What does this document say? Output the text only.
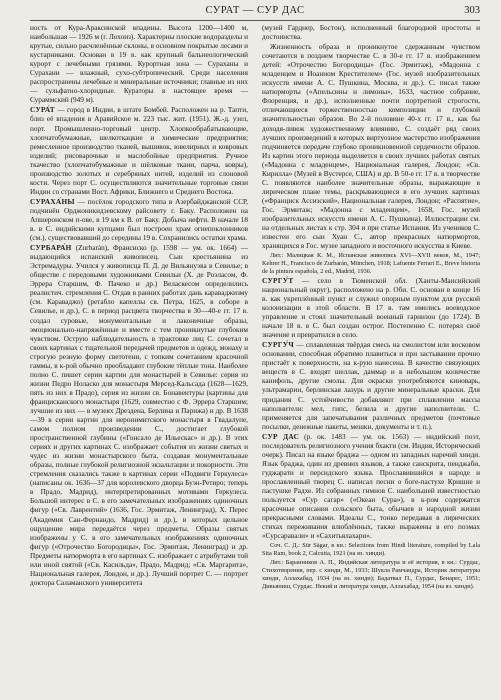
СУРАТ — СУР ДАС	303

ность от Кура-Араксинской впадины. Высота 1200—1400 м, наибольшая — 1926 м (г. Лохоиз). Характерны плоские водоразделы и крутые, сильно расчленённые склоны, в основном покрытые лесами и кустарниками. Основан в 19 в. как крупный бальнеологический курорт с лечебными грязями. Курортная зона — Сураханы и Сурахани — влажный, сухо-субтропический. Среди населения распространены лечебные и минеральные источники; главные из них — сульфатно-хлоридные. Кураторы в настоящее время — Сураммский (949 м).

СУРА́Т — город в Индии, в штате Бомбей. Расположен на р. Тапти, близ её впадения в Аравийское м. 223 тыс. жит. (1951). Ж.-д. узел, порт. Промышленно-торговый центр. Хлопкообрабатывающие, хлопчатобумажные, шелкоткацкие и химические предприятия; ремесленное производство тканей, вышивок, ювелирных и ковровых изделий; рисоварочные и маслобойные предприятия. Ручное ткачество (хлопчатобумажные и шёлковые ткани, парча, ковры), производство золотых и серебряных нитей, изделий из слоновой кости. Через порт С. осуществляются значительные торговые связи Индии со странами Вост. Африки, Ближнего и Среднего Востока.

СУРАХА́НЫ — посёлок городского типа в Азербайджанской ССР, подчинён Орджоникидзевскому райсовету г. Баку. Расположен на Апшеронском п-ове, в 19 км к В. от Баку. Добыча нефти. В начале 18 в. в С. индийскими купцами был построен храм огнепоклонников (см.), существовавший до середины 19 в. Сохранились остатки храма.

СУРБАРА́Н (Zurbarán), Франсиско (р. 1598 — ум. ок. 1664) — выдающийся испанский живописец. Сын крестьянина из Эстремадуры. Учился у живописца П. Д. де Вильянуэва в Севилье; в обществе с передовыми художниками Севильи (Х. де Роэласом, Ф. Эррера Старшим, Ф. Пачеко и др.) Веласкесом определились реалистич. стремления С. Отдав в ранних работах дань караваджизму (см. Караваджо) (ретабло капеллы св. Петра, 1625, в соборе в Севилье, и др.), С. в период расцвета творчества в 30—40-е гг. 17 в. создал суровые, монументальные и лаконичные образы, эмоционально-напряжённые и вместе с тем проникнутые глубоким чувством. Острую наблюдательность в трактовке лиц С. сочетал в своих картинах с тщательной передачей предметов и одежд, монаху и строгую резную форму светотени, с топким сочетанием красочной гаммы, в к-рой обычно преобладают глубокие тёплые тона. Наиболее полно С. пишет серии картин для монастырей в Севилье: серия из жизни Педро Ноласко для монастыря Мерсед-Кальсада (1628—1629, пять из них в Прадо), серия из жизни св. Бонавентуры (картины для францисканского монастыря (1629, совместно с Ф. Эррера Старшим; лучшие из них — в музеях Дрездена, Берлина и Парижа) и др. В 1638—39 в серии картин для иеронимитского монастыря в Гвадалупе, самом полном произведении С., достигает глубокой пространственной глубины («Гонсало де Ильескас» и др.). В этих сериях и других картинах С. изображает события из жизни святых и чудес из жизни монастырского быта, создавая монументальные образы, полные глубокой религиозной экзальтации и покорности. Эти стремления сказались также в картинах серии «Подвиги Геркулеса» (написаны ок. 1636—37 для королевского дворца Буэн-Ретиро; теперь в Прадо, Мадрид), интерпретированных мотивами Геркулеса. Большой интерес в С. в его замечательных изображениях одиночных фигур («Св. Лаврентий» (1636, Гос. Эрмитаж, Ленинград), Х. Перес (Академия Сан-Фернандо, Мадрид) и др.), в которых цельное ощущение мира передаётся через предметы. Образы святых изображены у С. в его замечательных изображениях одиночных фигур («Отрочество Богородицы», Гос. Эрмитаж, Ленинград) и др. Предметы натюрморта в его картинах С. изображает с атрибутами той или иной святой («Св. Касильда», Прадо, Мадрид; «Св. Маргарита», Национальная галерея, Лондон, и др.). Лучший портрет С. — портрет доктора Саламанского университета

(музей Гарднер, Бостон), исполненный благородной простоты и достоинства.

Жизненность образа и проникнутое сдержанным чувством сочетаются в позднем творчестве С. в 30-е гг. 17 в. изображением детей: «Отрочество Богородицы» (Гос. Эрмитаж), «Мадонна с младенцем и Иоанном Крестителем» (Гос. музей изобразительных искусств имени А. С. Пушкина, Москва, и др.). С. писал также натюрморты («Апельсины и лимоны», 1633, частное собрание, Флоренция, и др.), исполненные почти портретной строгости, отличающиеся торжественностью композиции и глубокой значительностью образов. Во 2-й половине 40-х гг. 17 в., как бы доходя-ливеж художественному влиянию, С. создаёт ряд своих лучших произведений в которых виртуозное мастерство изображения подчиняется передаче глубоко проникновенной сердечности образов. Из картин этого периода выделяется в своих лучших работах святых («Мадонна с младенцем», Национальная галерея, Лондон; «Св. Кирилла» (Музей в Вустерсе, США) и др. В 50-е гг. 17 в. в творчестве С. появляются наиболее значительные образы, выражающие в лирическом плане темы, раскрывающиеся в его лучших картинах («Франциск Ассизский», Национальная галерея, Лондон; «Распятие», Гос. Эрмитаж; «Мадонна с младенцем», 1658, Гос. музей изобразительных искусств имени А. С. Пушкина). Иллюстрации см. на отдельных листах к стр. 304 и при статье Испания. Из учеников С. известен его сын Хуан С., автор прекрасных натюрмортов, хранящихся в Гос. музее западного и восточного искусства в Киеве.

Лит.: Малицкая К. М., Испанская живопись XVI—XVII веков, М., 1947; Kehrer H., Francisco de Zurbarán, München, 1918; Lafuente Ferrari E., Breve historia de la pintura española, 2 ed., Madrid, 1936.

СУРГУ́Т — село в Тюменской обл. (Ханты-Мансийский национальный округ), расположено на р. Оби. С. основан в конце 16 в. как укреплённый пункт и служил опорным пунктом для русской колонизации в этой области. В 17 в. там имелись воеводское управление и стоял значительный военный гарнизон (до 1724). В начале 18 в. в С. был создан острог. Постепенно С. потерял своё значение и превратился в село.

СУРГУ́Ч — сплавленная твёрдая смесь на смолистом или восковом основании, способная обратимо плавиться и при застывании прочно пристаёт к поверхности, на к-рую нанесена. В качестве связующих веществ в С. входят шеллак, даммар и в небольшом количестве канифоль, другие смолы. Для окраски употребляются киноварь, ультрамарин, берлинская лазурь и другие минеральные краски. Для придания С. устойчивости добавляют при сплавлении массы наполнители: мел, гипс, белила и другие наполнители. С. применяется для запечатывания различных предметов (почтовые посылки, денежные пакеты, мешки, документы и т. п.).

СУР ДАС (р. ок. 1483 — ум. ок. 1563) — индийский поэт, последователь религиозного учения бхакти (см. Индия, Исторический очерк). Писал на языке браджа — одном из западных наречий хинди. Язык браджа, один из древних языков, а также санскрита, пенджаби, гуджарати и персидского языка. Прославившийся в народе и прославленный творец С. написал песни о боге-пастухе Кришне и пастушке Радхе. Из собранных гимнов С. наибольшей известностью пользуется «Сур сагар» («Океан Сура»), в к-ром содержатся красочные описания сельского быта, обычаев и народной жизни прекрасными словами. Идеалы С., тонко передавая в лирических стихах переживания влюблённых, также выражены в его поэмах «Сурсаравали» и «Сахитьялахари».

Соч. С. Д.: Sūr Sāgar, в кн.: Selections from Hindi literature, compiled by Lala Sita Ram, book 2, Calcutta, 1921 (на яз. хинди).

Лит.: Баранников А. П., Индийская литература и её история, в кн.: Сурдас, Стихотворения, пер. с хинди, М., 1933; Шукла Рамчандра, История литературы хинди, Аллахабад, 1934 (на яз. хинди); Бадатвал П., Сурдас, Бенарес, 1951; Дивьяниш, Сурдас. Некий и литература хинди, Аллахабад, 1954 (на яз. хинди).
